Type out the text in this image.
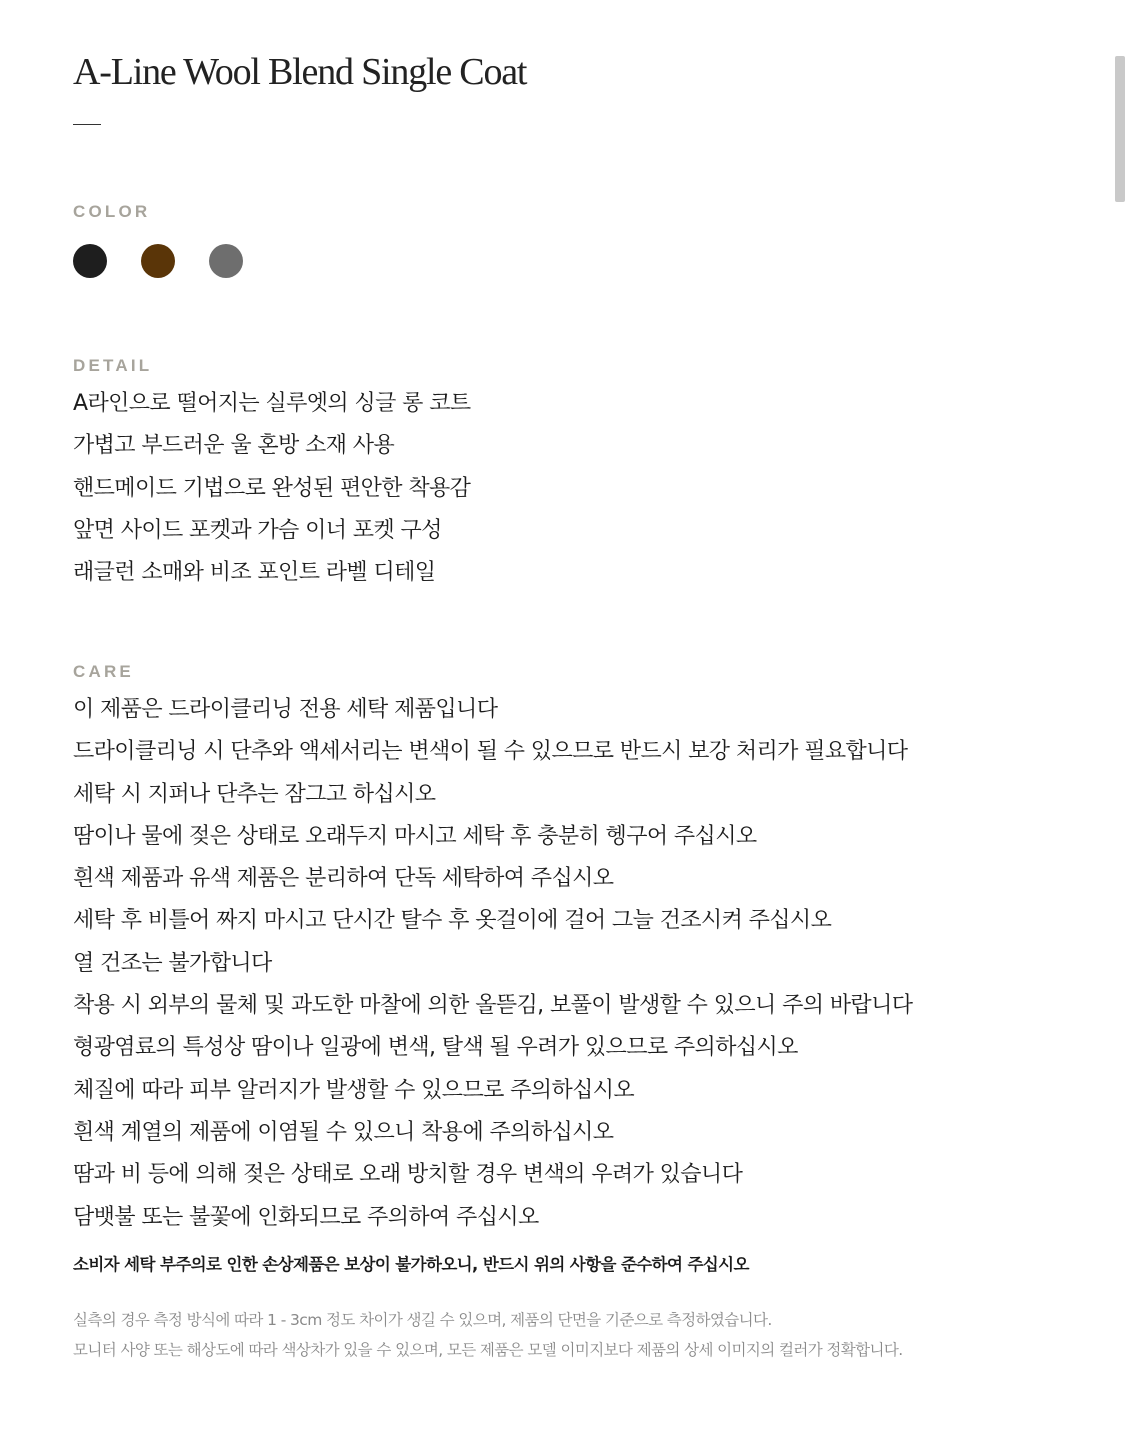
A-Line Wool Blend Single Coat
COLOR
DETAIL
A라인으로 떨어지는 실루엣의 싱글 롱 코트
가볍고 부드러운 울 혼방 소재 사용
핸드메이드 기법으로 완성된 편안한 착용감
앞면 사이드 포켓과 가슴 이너 포켓 구성
래글런 소매와 비조 포인트 라벨 디테일
CARE
이 제품은 드라이클리닝 전용 세탁 제품입니다
드라이클리닝 시 단추와 액세서리는 변색이 될 수 있으므로 반드시 보강 처리가 필요합니다
세탁 시 지퍼나 단추는 잠그고 하십시오
땀이나 물에 젖은 상태로 오래두지 마시고 세탁 후 충분히 헹구어 주십시오
흰색 제품과 유색 제품은 분리하여 단독 세탁하여 주십시오
세탁 후 비틀어 짜지 마시고 단시간 탈수 후 옷걸이에 걸어 그늘 건조시켜 주십시오
열 건조는 불가합니다
착용 시 외부의 물체 및 과도한 마찰에 의한 올뜯김, 보풀이 발생할 수 있으니 주의 바랍니다
형광염료의 특성상 땀이나 일광에 변색, 탈색 될 우려가 있으므로 주의하십시오
체질에 따라 피부 알러지가 발생할 수 있으므로 주의하십시오
흰색 계열의 제품에 이염될 수 있으니 착용에 주의하십시오
땀과 비 등에 의해 젖은 상태로 오래 방치할 경우 변색의 우려가 있습니다
담뱃불 또는 불꽃에 인화되므로 주의하여 주십시오

소비자 세탁 부주의로 인한 손상제품은 보상이 불가하오니, 반드시 위의 사항을 준수하여 주십시오

실측의 경우 측정 방식에 따라 1 - 3cm 정도 차이가 생길 수 있으며, 제품의 단면을 기준으로 측정하였습니다.
모니터 사양 또는 해상도에 따라 색상차가 있을 수 있으며, 모든 제품은 모델 이미지보다 제품의 상세 이미지의 컬러가 정확합니다.
